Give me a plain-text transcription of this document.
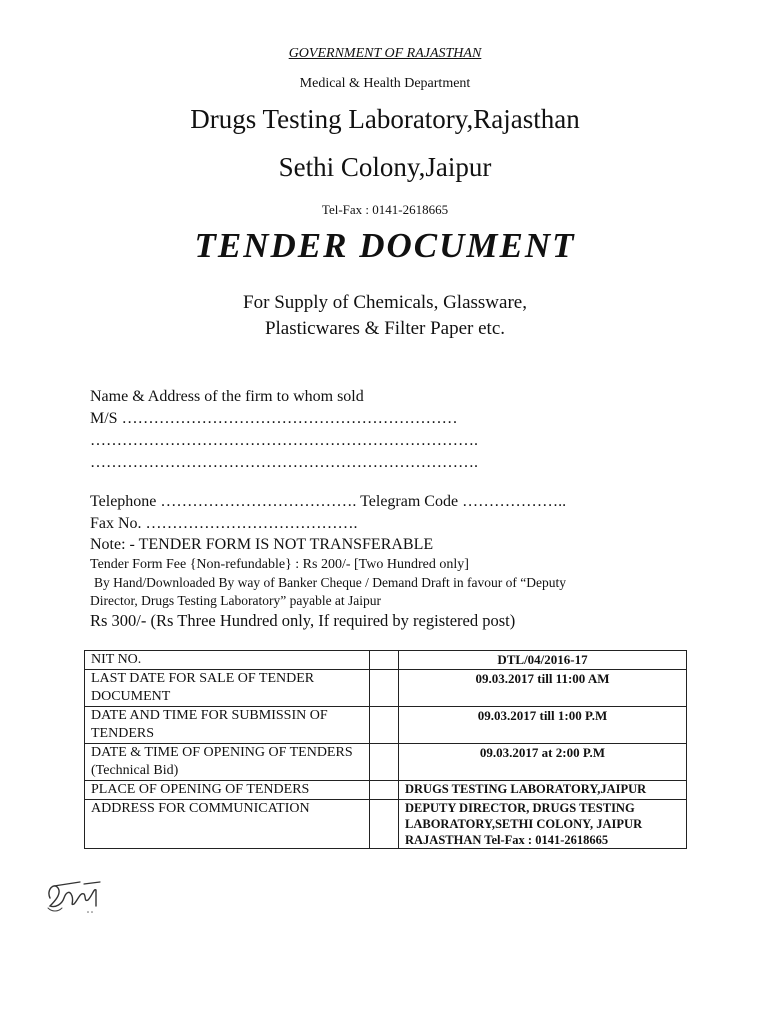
GOVERNMENT OF RAJASTHAN
Medical & Health Department
Drugs Testing Laboratory,Rajasthan
Sethi Colony,Jaipur
Tel-Fax : 0141-2618665
TENDER DOCUMENT
For Supply of Chemicals, Glassware,
Plasticwares & Filter Paper etc.
Name & Address of the firm to whom sold
M/S ………………………………………………………
……………………………………………………………….
……………………………………………………………….
Telephone ………………………………. Telegram Code ………………..
Fax No. ………………………………….
Note: - TENDER FORM IS NOT TRANSFERABLE
Tender Form Fee {Non-refundable} : Rs 200/- [Two Hundred only]
By Hand/Downloaded By way of Banker Cheque / Demand Draft in favour of “Deputy
Director, Drugs Testing Laboratory” payable at Jaipur
Rs 300/- (Rs Three Hundred only, If required by registered post)
NIT NO.		DTL/04/2016-17
LAST DATE FOR SALE OF TENDER DOCUMENT		09.03.2017 till 11:00 AM
DATE AND TIME FOR SUBMISSIN OF TENDERS		09.03.2017 till 1:00 P.M
DATE & TIME OF OPENING OF TENDERS (Technical Bid)		09.03.2017 at 2:00 P.M
PLACE OF OPENING OF TENDERS		DRUGS TESTING LABORATORY,JAIPUR
ADDRESS FOR COMMUNICATION		DEPUTY DIRECTOR, DRUGS TESTING LABORATORY,SETHI COLONY, JAIPUR RAJASTHAN Tel-Fax : 0141-2618665
